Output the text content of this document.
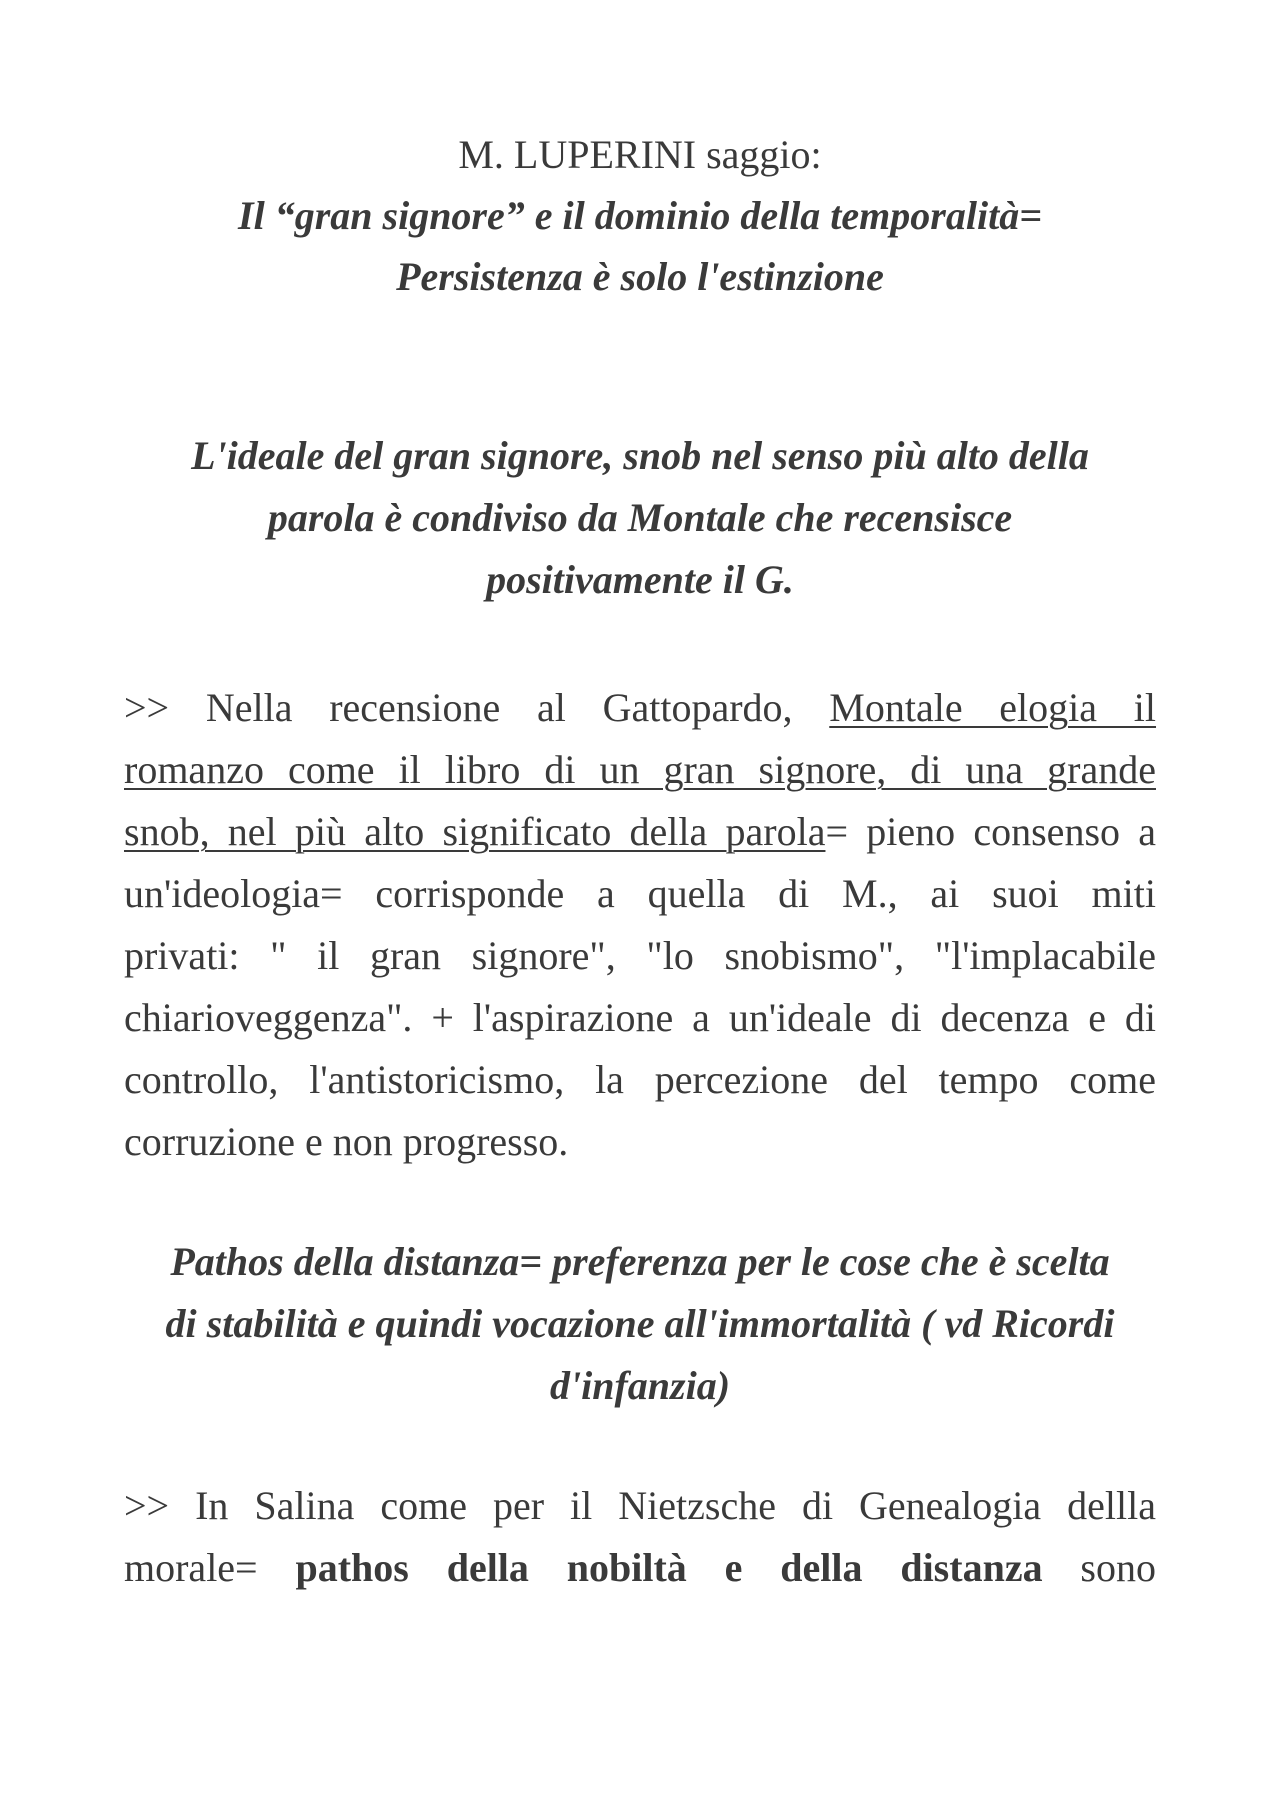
M. LUPERINI saggio:
Il “gran signore” e il dominio della temporalità=
Persistenza è solo l'estinzione

L'ideale del gran signore, snob nel senso più alto della
parola è condiviso da Montale che recensisce
positivamente il G.

>> Nella recensione al Gattopardo, Montale elogia il
romanzo come il libro di un gran signore, di una grande
snob, nel più alto significato della parola= pieno consenso a
un'ideologia= corrisponde a quella di M., ai suoi miti
privati: " il gran signore", "lo snobismo", "l'implacabile
chiarioveggenza". + l'aspirazione a un'ideale di decenza e di
controllo, l'antistoricismo, la percezione del tempo come
corruzione e non progresso.

Pathos della distanza= preferenza per le cose che è scelta
di stabilità e quindi vocazione all'immortalità ( vd Ricordi
d'infanzia)

>> In Salina come per il Nietzsche di Genealogia dellla
morale= pathos della nobiltà e della distanza sono
